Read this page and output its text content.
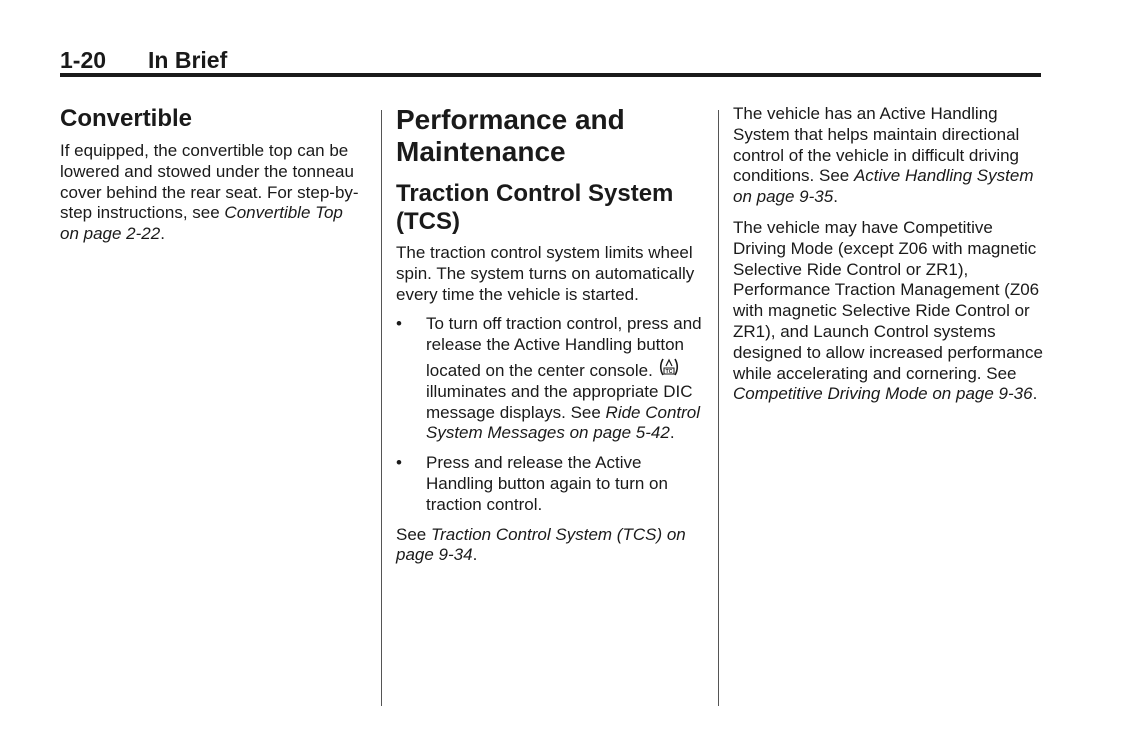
1-20 In Brief
Convertible

If equipped, the convertible top can be lowered and stowed under the tonneau cover behind the rear seat. For step-by-step instructions, see Convertible Top on page 2-22.

Performance and Maintenance
Traction Control System (TCS)

The traction control system limits wheel spin. The system turns on automatically every time the vehicle is started.

• To turn off traction control, press and release the Active Handling button located on the center console. TC
illuminates and the appropriate DIC message displays. See Ride Control System Messages on page 5-42.
• Press and release the Active Handling button again to turn on traction control.

See Traction Control System (TCS) on page 9-34.

The vehicle has an Active Handling System that helps maintain directional control of the vehicle in difficult driving conditions. See Active Handling System on page 9-35.

The vehicle may have Competitive Driving Mode (except Z06 with magnetic Selective Ride Control or ZR1), Performance Traction Management (Z06 with magnetic Selective Ride Control or ZR1), and Launch Control systems designed to allow increased performance while accelerating and cornering. See Competitive Driving Mode on page 9-36.
